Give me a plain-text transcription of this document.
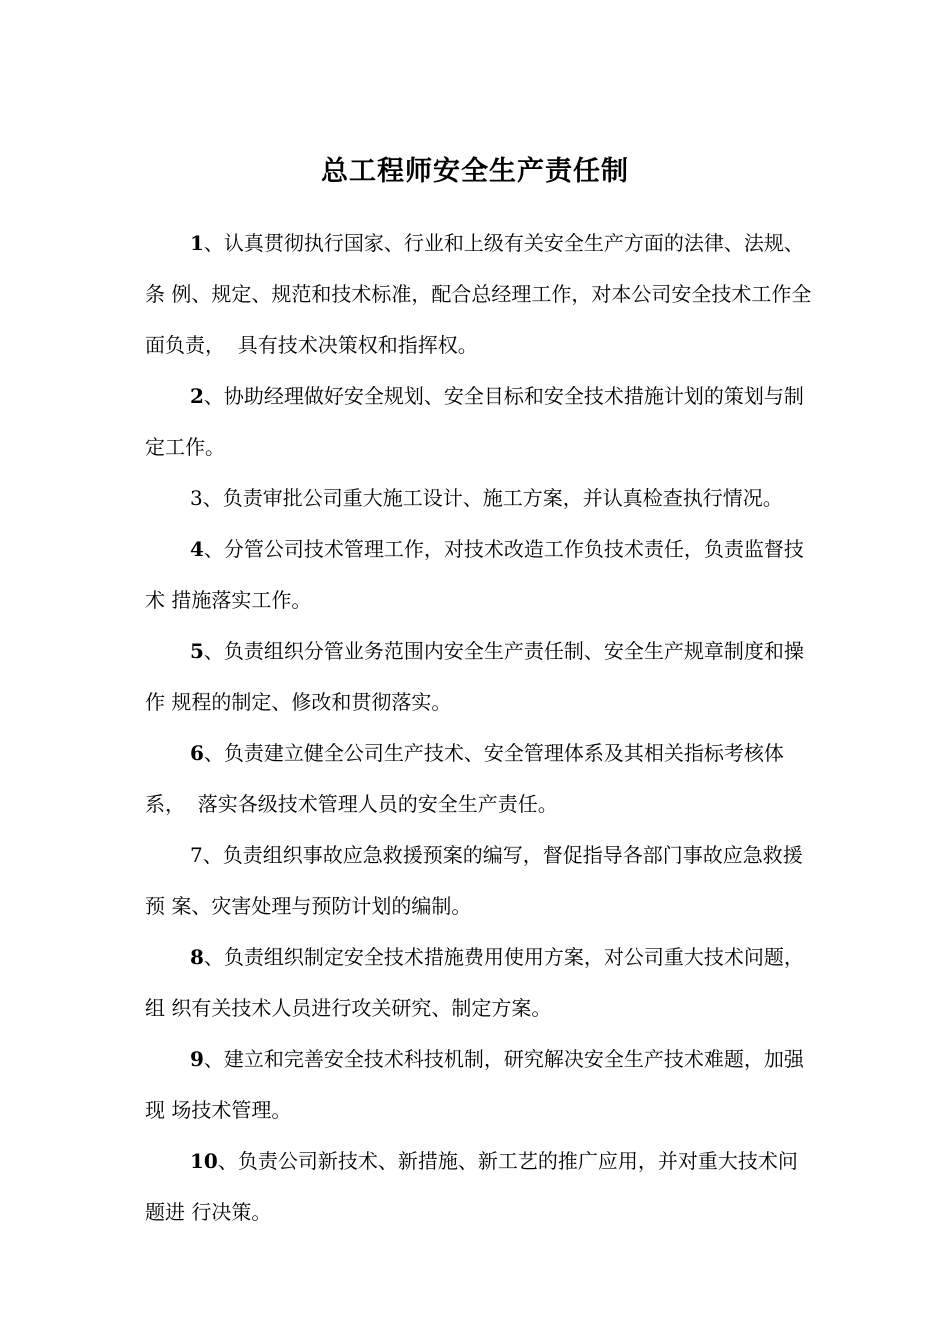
总工程师安全生产责任制

1、认真贯彻执行国家、行业和上级有关安全生产方面的法律、法规、条 例、规定、规范和技术标准，配合总经理工作，对本公司安全技术工作全面负责，  具有技术决策权和指挥权。

2、协助经理做好安全规划、安全目标和安全技术措施计划的策划与制定工作。

3、负责审批公司重大施工设计、施工方案，并认真检查执行情况。

4、分管公司技术管理工作，对技术改造工作负技术责任，负责监督技术 措施落实工作。

5、负责组织分管业务范围内安全生产责任制、安全生产规章制度和操作 规程的制定、修改和贯彻落实。

6、负责建立健全公司生产技术、安全管理体系及其相关指标考核体系，  落实各级技术管理人员的安全生产责任。

7、负责组织事故应急救援预案的编写，督促指导各部门事故应急救援预 案、灾害处理与预防计划的编制。

8、负责组织制定安全技术措施费用使用方案，对公司重大技术问题，组 织有关技术人员进行攻关研究、制定方案。

9、建立和完善安全技术科技机制，研究解决安全生产技术难题，加强现 场技术管理。

10、负责公司新技术、新措施、新工艺的推广应用，并对重大技术问题进 行决策。
